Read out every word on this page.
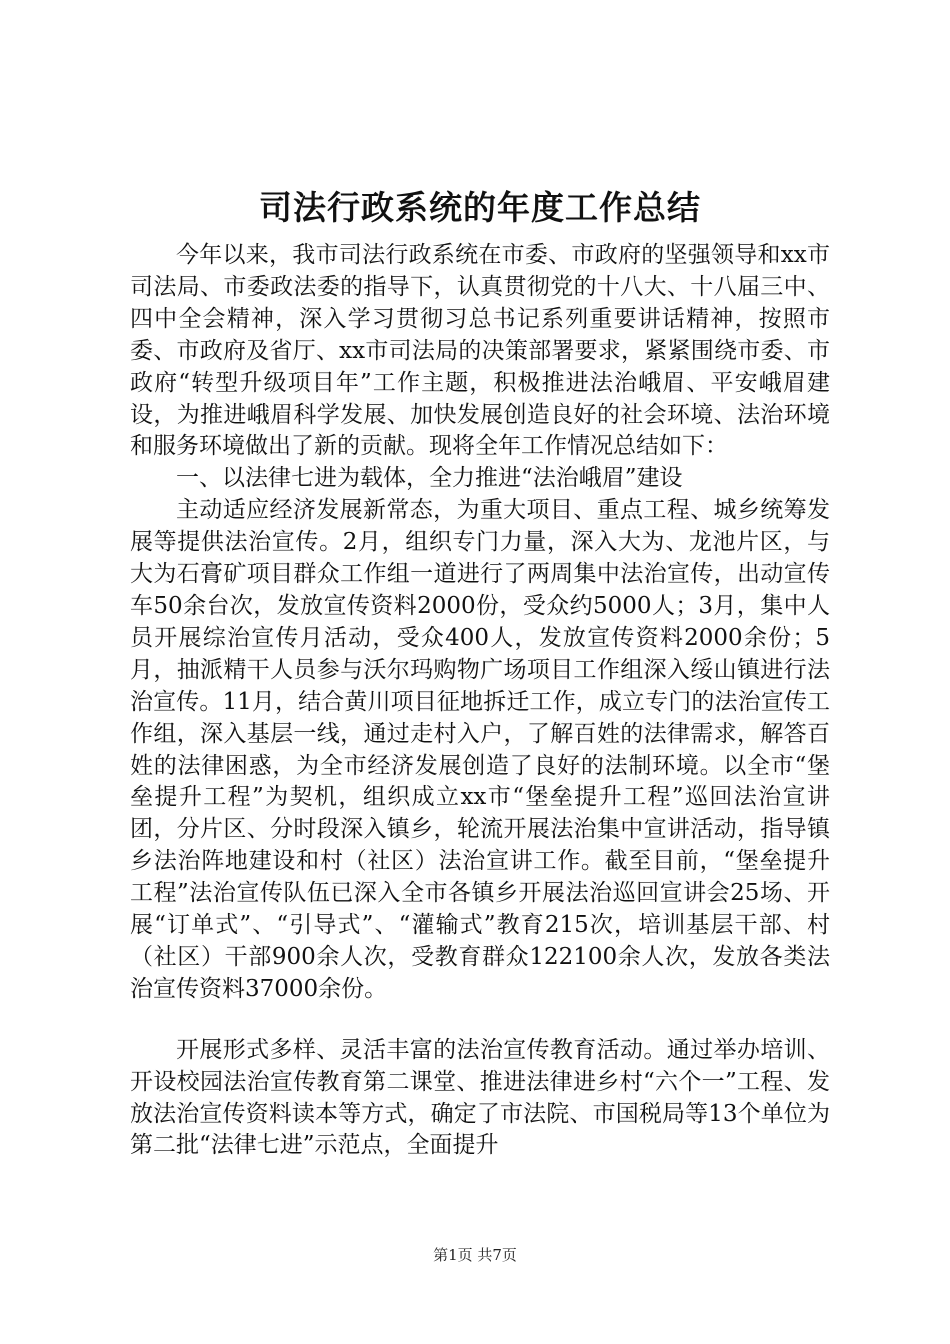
司法行政系统的年度工作总结

今年以来，我市司法行政系统在市委、市政府的坚强领导和xx市司法局、市委政法委的指导下，认真贯彻党的十八大、十八届三中、四中全会精神，深入学习贯彻习总书记系列重要讲话精神，按照市委、市政府及省厅、xx市司法局的决策部署要求，紧紧围绕市委、市政府“转型升级项目年”工作主题，积极推进法治峨眉、平安峨眉建设，为推进峨眉科学发展、加快发展创造良好的社会环境、法治环境和服务环境做出了新的贡献。现将全年工作情况总结如下：

一、以法律七进为载体，全力推进“法治峨眉”建设

主动适应经济发展新常态，为重大项目、重点工程、城乡统筹发展等提供法治宣传。2月，组织专门力量，深入大为、龙池片区，与大为石膏矿项目群众工作组一道进行了两周集中法治宣传，出动宣传车50余台次，发放宣传资料2000份，受众约5000人；3月，集中人员开展综治宣传月活动，受众400人，发放宣传资料2000余份；5月，抽派精干人员参与沃尔玛购物广场项目工作组深入绥山镇进行法治宣传。11月，结合黄川项目征地拆迁工作，成立专门的法治宣传工作组，深入基层一线，通过走村入户，了解百姓的法律需求，解答百姓的法律困惑，为全市经济发展创造了良好的法制环境。以全市“堡垒提升工程”为契机，组织成立xx市“堡垒提升工程”巡回法治宣讲团，分片区、分时段深入镇乡，轮流开展法治集中宣讲活动，指导镇乡法治阵地建设和村（社区）法治宣讲工作。截至目前，“堡垒提升工程”法治宣传队伍已深入全市各镇乡开展法治巡回宣讲会25场、开展“订单式”、“引导式”、“灌输式”教育215次，培训基层干部、村（社区）干部900余人次，受教育群众122100余人次，发放各类法治宣传资料37000余份。

开展形式多样、灵活丰富的法治宣传教育活动。通过举办培训、开设校园法治宣传教育第二课堂、推进法律进乡村“六个一”工程、发放法治宣传资料读本等方式，确定了市法院、市国税局等13个单位为第二批“法律七进”示范点，全面提升

第1页 共7页
